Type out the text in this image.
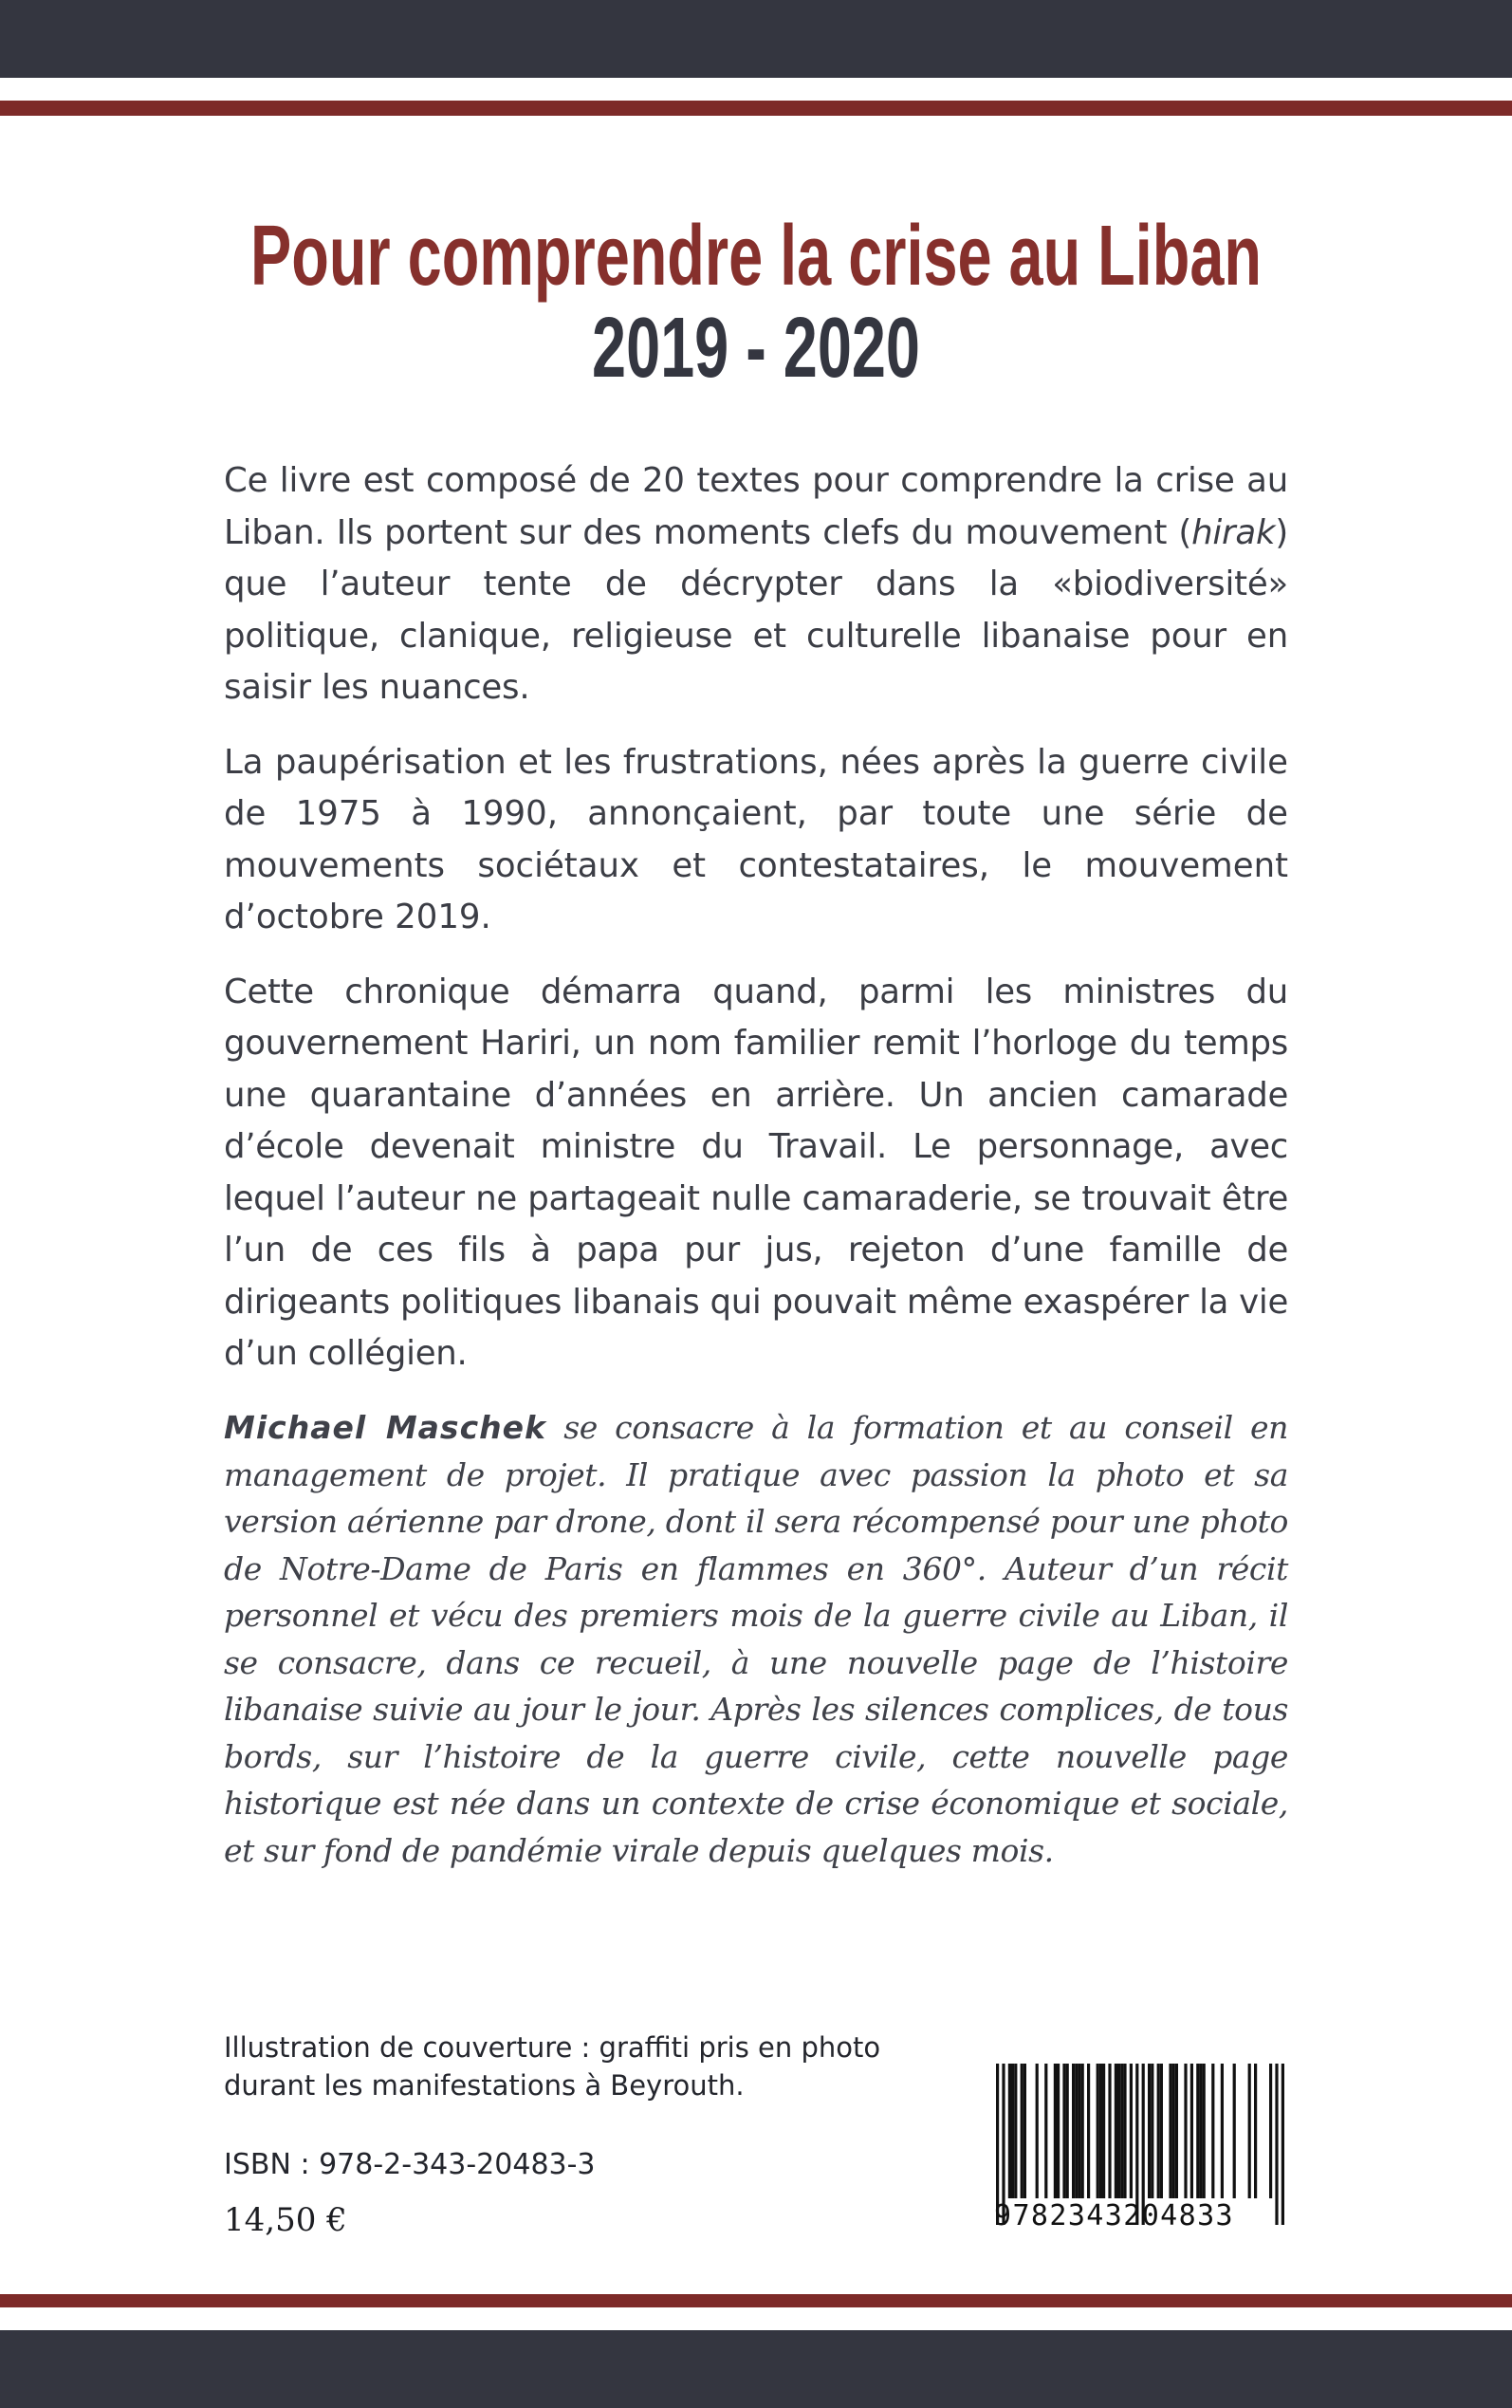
Pour comprendre la crise au Liban
2019 - 2020

Ce livre est composé de 20 textes pour comprendre la crise au Liban. Ils portent sur des moments clefs du mouvement (hirak) que l’auteur tente de décrypter dans la «biodiversité» politique, clanique, religieuse et culturelle libanaise pour en saisir les nuances.

La paupérisation et les frustrations, nées après la guerre civile de 1975 à 1990, annonçaient, par toute une série de mouvements sociétaux et contestataires, le mouvement d’octobre 2019.

Cette chronique démarra quand, parmi les ministres du gouvernement Hariri, un nom familier remit l’horloge du temps une quarantaine d’années en arrière. Un ancien camarade d’école devenait ministre du Travail. Le personnage, avec lequel l’auteur ne partageait nulle camaraderie, se trouvait être l’un de ces fils à papa pur jus, rejeton d’une famille de dirigeants politiques libanais qui pouvait même exaspérer la vie d’un collégien.

Michael Maschek se consacre à la formation et au conseil en management de projet. Il pratique avec passion la photo et sa version aérienne par drone, dont il sera récompensé pour une photo de Notre-Dame de Paris en flammes en 360°. Auteur d’un récit personnel et vécu des premiers mois de la guerre civile au Liban, il se consacre, dans ce recueil, à une nouvelle page de l’histoire libanaise suivie au jour le jour. Après les silences complices, de tous bords, sur l’histoire de la guerre civile, cette nouvelle page historique est née dans un contexte de crise économique et sociale, et sur fond de pandémie virale depuis quelques mois.

Illustration de couverture : graffiti pris en photo
durant les manifestations à Beyrouth.
ISBN : 978-2-343-20483-3
14,50 €	9782343204833
